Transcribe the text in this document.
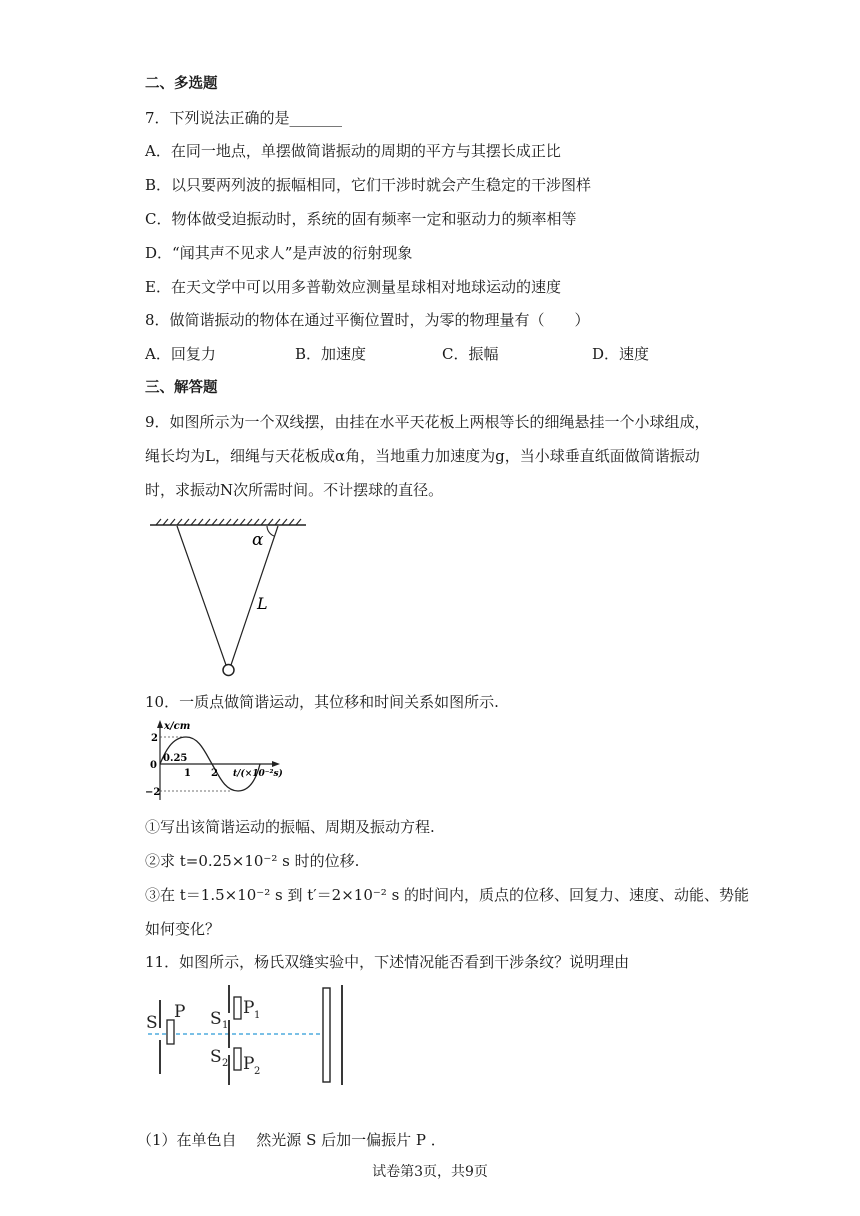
二、多选题
7．下列说法正确的是_______
A．在同一地点，单摆做简谐振动的周期的平方与其摆长成正比
B．以只要两列波的振幅相同，它们干涉时就会产生稳定的干涉图样
C．物体做受迫振动时，系统的固有频率一定和驱动力的频率相等
D．“闻其声不见求人”是声波的衍射现象
E．在天文学中可以用多普勒效应测量星球相对地球运动的速度
8．做简谐振动的物体在通过平衡位置时，为零的物理量有（　　）
A．回复力	B．加速度	C．振幅	D．速度
三、解答题
9．如图所示为一个双线摆，由挂在水平天花板上两根等长的细绳悬挂一个小球组成，
绳长均为L，细绳与天花板成α角，当地重力加速度为g，当小球垂直纸面做简谐振动
时，求振动N次所需时间。不计摆球的直径。
α
L
10．一质点做简谐运动，其位移和时间关系如图所示.
x/cm
2
0
−2
0.25
1 2 t/(×10⁻²s)
①写出该简谐运动的振幅、周期及振动方程.
②求 t=0.25×10⁻² s 时的位移.
③在 t＝1.5×10⁻² s 到 t′＝2×10⁻² s 的时间内，质点的位移、回复力、速度、动能、势能
如何变化？
11．如图所示，杨氏双缝实验中，下述情况能否看到干涉条纹？说明理由
S
P S 1
P 1
S 2 P 2
（1）在单色自　 然光源 S 后加一偏振片 P ．
试卷第3页，共9页
